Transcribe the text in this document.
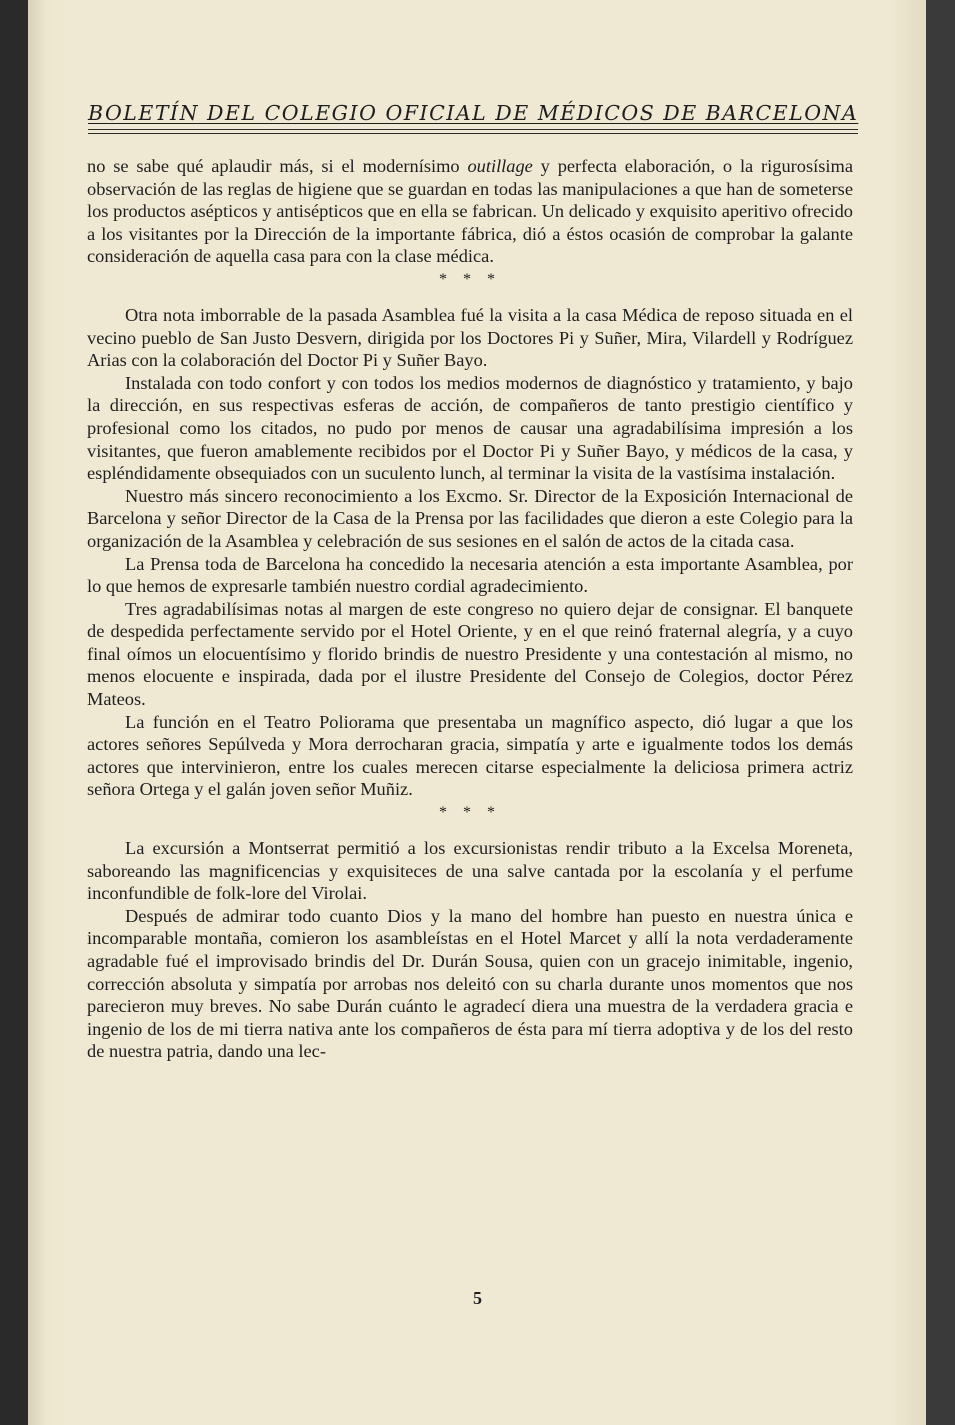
BOLETÍN DEL COLEGIO OFICIAL DE MÉDICOS DE BARCELONA

no se sabe qué aplaudir más, si el modernísimo outillage y perfecta elaboración, o la rigurosísima observación de las reglas de higiene que se guardan en todas las manipulaciones a que han de someterse los productos asépticos y antisépticos que en ella se fabrican. Un delicado y exquisito aperitivo ofrecido a los visitantes por la Dirección de la importante fábrica, dió a éstos ocasión de comprobar la galante consideración de aquella casa para con la clase médica.

* * *

Otra nota imborrable de la pasada Asamblea fué la visita a la casa Médica de reposo situada en el vecino pueblo de San Justo Desvern, dirigida por los Doctores Pi y Suñer, Mira, Vilardell y Rodríguez Arias con la colaboración del Doctor Pi y Suñer Bayo.

Instalada con todo confort y con todos los medios modernos de diagnóstico y tratamiento, y bajo la dirección, en sus respectivas esferas de acción, de compañeros de tanto prestigio científico y profesional como los citados, no pudo por menos de causar una agradabilísima impresión a los visitantes, que fueron amablemente recibidos por el Doctor Pi y Suñer Bayo, y médicos de la casa, y espléndidamente obsequiados con un suculento lunch, al terminar la visita de la vastísima instalación.

Nuestro más sincero reconocimiento a los Excmo. Sr. Director de la Exposición Internacional de Barcelona y señor Director de la Casa de la Prensa por las facilidades que dieron a este Colegio para la organización de la Asamblea y celebración de sus sesiones en el salón de actos de la citada casa.

La Prensa toda de Barcelona ha concedido la necesaria atención a esta importante Asamblea, por lo que hemos de expresarle también nuestro cordial agradecimiento.

Tres agradabilísimas notas al margen de este congreso no quiero dejar de consignar. El banquete de despedida perfectamente servido por el Hotel Oriente, y en el que reinó fraternal alegría, y a cuyo final oímos un elocuentísimo y florido brindis de nuestro Presidente y una contestación al mismo, no menos elocuente e inspirada, dada por el ilustre Presidente del Consejo de Colegios, doctor Pérez Mateos.

La función en el Teatro Poliorama que presentaba un magnífico aspecto, dió lugar a que los actores señores Sepúlveda y Mora derrocharan gracia, simpatía y arte e igualmente todos los demás actores que intervinieron, entre los cuales merecen citarse especialmente la deliciosa primera actriz señora Ortega y el galán joven señor Muñiz.

* * *

La excursión a Montserrat permitió a los excursionistas rendir tributo a la Excelsa Moreneta, saboreando las magnificencias y exquisiteces de una salve cantada por la escolanía y el perfume inconfundible de folk-lore del Virolai.

Después de admirar todo cuanto Dios y la mano del hombre han puesto en nuestra única e incomparable montaña, comieron los asambleístas en el Hotel Marcet y allí la nota verdaderamente agradable fué el improvisado brindis del Dr. Durán Sousa, quien con un gracejo inimitable, ingenio, corrección absoluta y simpatía por arrobas nos deleitó con su charla durante unos momentos que nos parecieron muy breves. No sabe Durán cuánto le agradecí diera una muestra de la verdadera gracia e ingenio de los de mi tierra nativa ante los compañeros de ésta para mí tierra adoptiva y de los del resto de nuestra patria, dando una lec-

5
